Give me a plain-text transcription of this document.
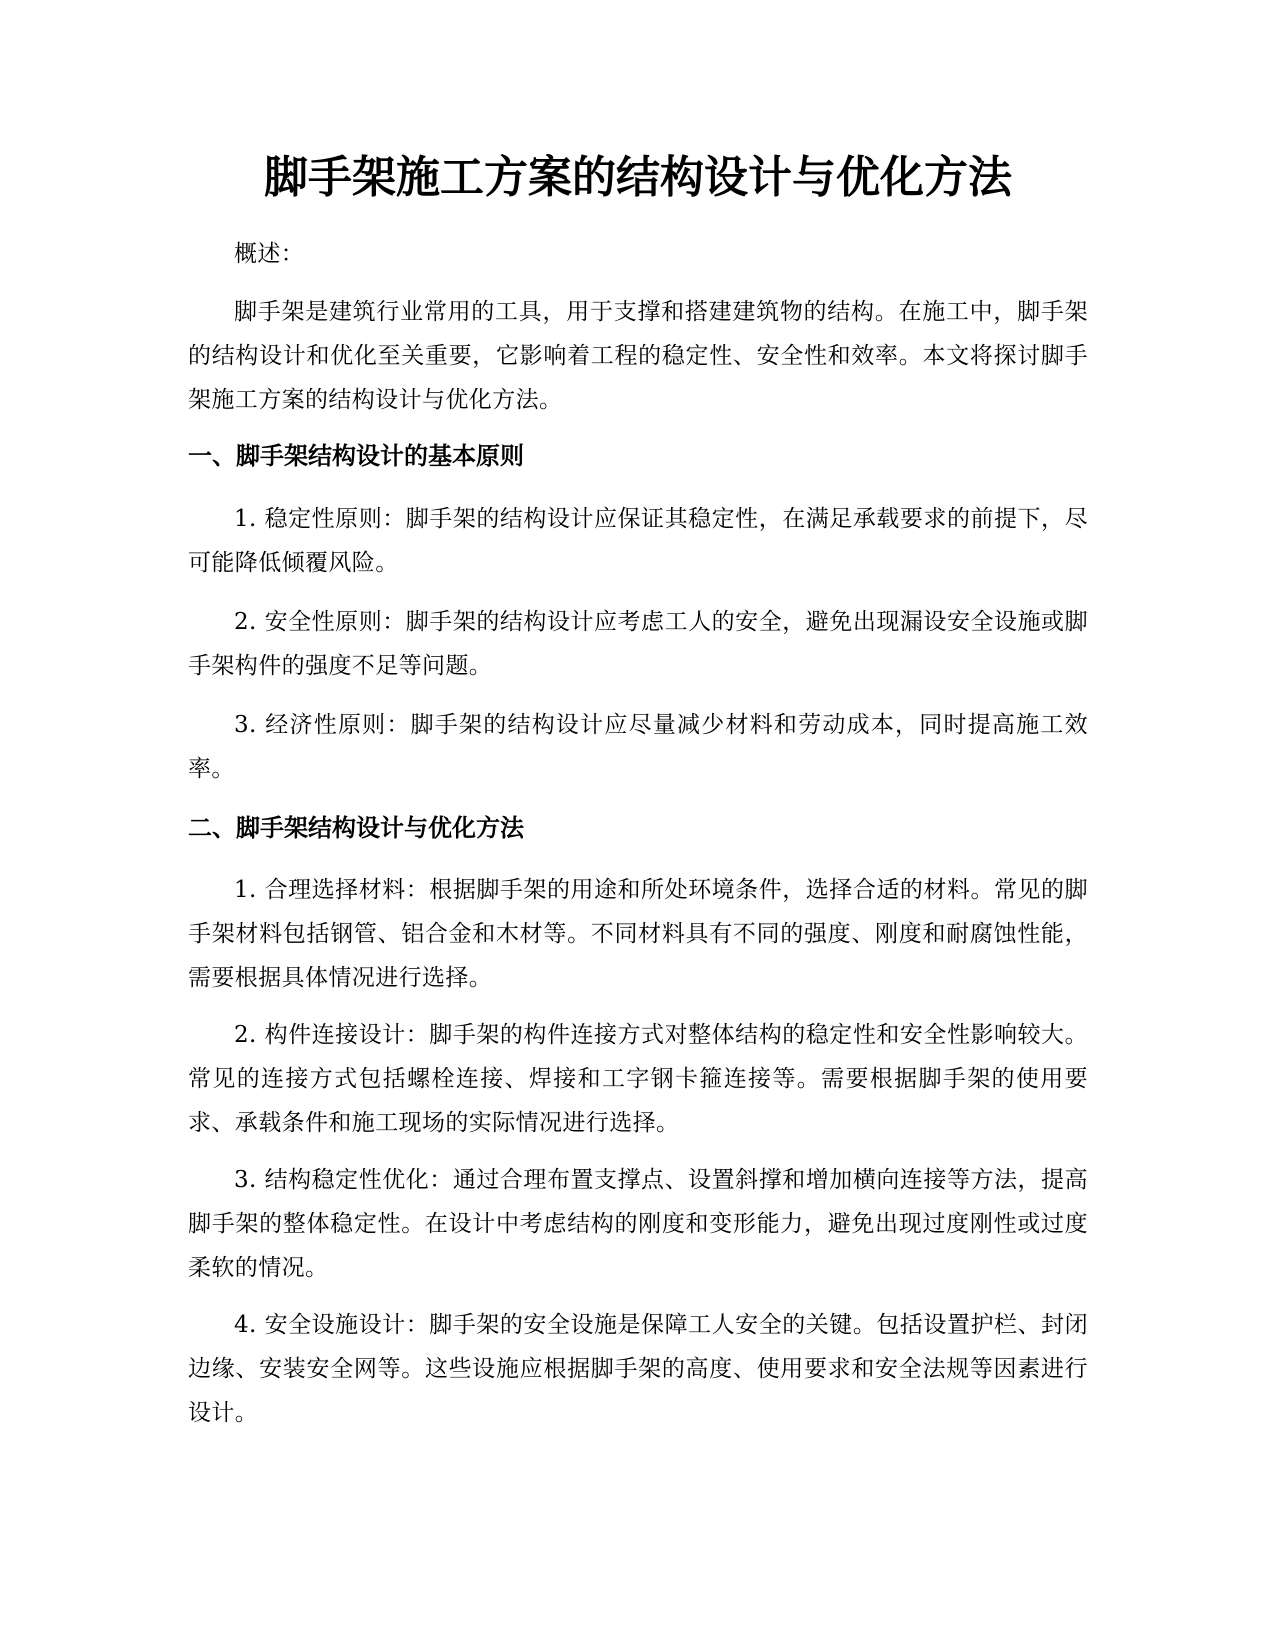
脚手架施工方案的结构设计与优化方法

概述：

脚手架是建筑行业常用的工具，用于支撑和搭建建筑物的结构。在施工中，脚手架的结构设计和优化至关重要，它影响着工程的稳定性、安全性和效率。本文将探讨脚手架施工方案的结构设计与优化方法。

一、脚手架结构设计的基本原则

1. 稳定性原则：脚手架的结构设计应保证其稳定性，在满足承载要求的前提下，尽可能降低倾覆风险。

2. 安全性原则：脚手架的结构设计应考虑工人的安全，避免出现漏设安全设施或脚手架构件的强度不足等问题。

3. 经济性原则：脚手架的结构设计应尽量减少材料和劳动成本，同时提高施工效率。

二、脚手架结构设计与优化方法

1. 合理选择材料：根据脚手架的用途和所处环境条件，选择合适的材料。常见的脚手架材料包括钢管、铝合金和木材等。不同材料具有不同的强度、刚度和耐腐蚀性能，需要根据具体情况进行选择。

2. 构件连接设计：脚手架的构件连接方式对整体结构的稳定性和安全性影响较大。常见的连接方式包括螺栓连接、焊接和工字钢卡箍连接等。需要根据脚手架的使用要求、承载条件和施工现场的实际情况进行选择。

3. 结构稳定性优化：通过合理布置支撑点、设置斜撑和增加横向连接等方法，提高脚手架的整体稳定性。在设计中考虑结构的刚度和变形能力，避免出现过度刚性或过度柔软的情况。

4. 安全设施设计：脚手架的安全设施是保障工人安全的关键。包括设置护栏、封闭边缘、安装安全网等。这些设施应根据脚手架的高度、使用要求和安全法规等因素进行设计。
